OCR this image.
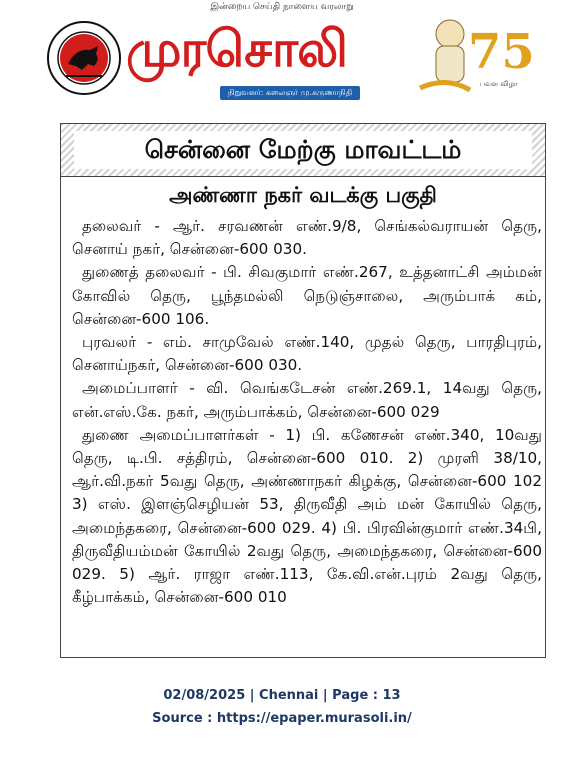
இன்றைய செய்தி நாளைய வரலாறு
முரசொலி
நிறுவனர்: கலைஞர் மு.கருணாநிதி
75
பவள விழா
சென்னை மேற்கு மாவட்டம்
அண்ணா நகர் வடக்கு பகுதி

தலைவர் - ஆர். சரவணன் எண்.9/8, செங்கல்வராயன் தெரு, செனாய் நகர், சென்னை-600 030.

துணைத் தலைவர் - பி. சிவகுமார் எண்.267, உத்தனாட்சி அம்மன் கோவில் தெரு, பூந்தமல்லி நெடுஞ்சாலை, அரும்பாக் கம், சென்னை-600 106.

புரவலர் - எம். சாமுவேல் எண்.140, முதல் தெரு, பாரதிபுரம், செனாய்நகர், சென்னை-600 030.

அமைப்பாளர் - வி. வெங்கடேசன் எண்.269.1, 14வது தெரு, என்.எஸ்.கே. நகர், அரும்பாக்கம், சென்னை-600 029

துணை அமைப்பாளர்கள் - 1) பி. கணேசன் எண்.340, 10வது தெரு, டி.பி. சத்திரம், சென்னை-600 010. 2) முரளி 38/10, ஆர்.வி.நகர் 5வது தெரு, அண்ணாநகர் கிழக்கு, சென்னை-600 102 3) எஸ். இளஞ்செழியன் 53, திருவீதி அம் மன் கோயில் தெரு, அமைந்தகரை, சென்னை-600 029. 4) பி. பிரவின்குமார் எண்.34பி, திருவீதியம்மன் கோயில் 2வது தெரு, அமைந்தகரை, சென்னை-600 029. 5) ஆர். ராஜா எண்.113, கே.வி.என்.புரம் 2வது தெரு, கீழ்பாக்கம், சென்னை-600 010

02/08/2025 | Chennai | Page : 13
Source : https://epaper.murasoli.in/
